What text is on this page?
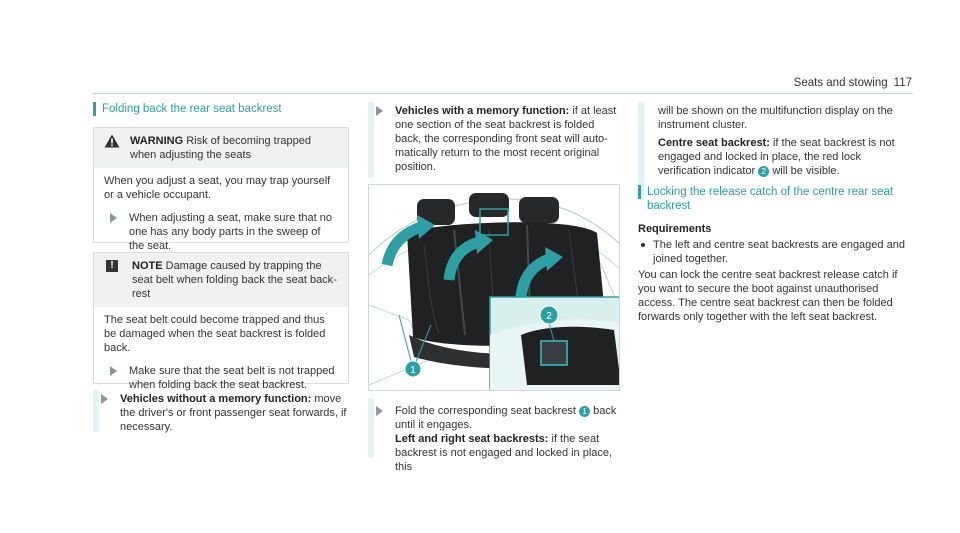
Seats and stowing 117
Folding back the rear seat backrest
WARNING Risk of becoming trapped when adjusting the seats

When you adjust a seat, you may trap yourself or a vehicle occupant.

When adjusting a seat, make sure that no one has any body parts in the sweep of the seat.
!	NOTE Damage caused by trapping the seat belt when folding back the seat backrest

The seat belt could become trapped and thus be damaged when the seat backrest is folded back.

Make sure that the seat belt is not trapped when folding back the seat backrest.
Vehicles without a memory function: move the driver's or front passenger seat forwards, if necessary.
Vehicles with a memory function: if at least one section of the seat backrest is folded back, the corresponding front seat will automatically return to the most recent original position.
Fold the corresponding seat backrest 1 back until it engages.
Left and right seat backrests: if the seat backrest is not engaged and locked in place, this
1
2

will be shown on the multifunction display on the instrument cluster.

Centre seat backrest: if the seat backrest is not engaged and locked in place, the red lock verification indicator 2 will be visible.
Locking the release catch of the centre rear seat backrest
Requirements
The left and centre seat backrests are engaged and joined together.

You can lock the centre seat backrest release catch if you want to secure the boot against unauthorised access. The centre seat backrest can then be folded forwards only together with the left seat backrest.
